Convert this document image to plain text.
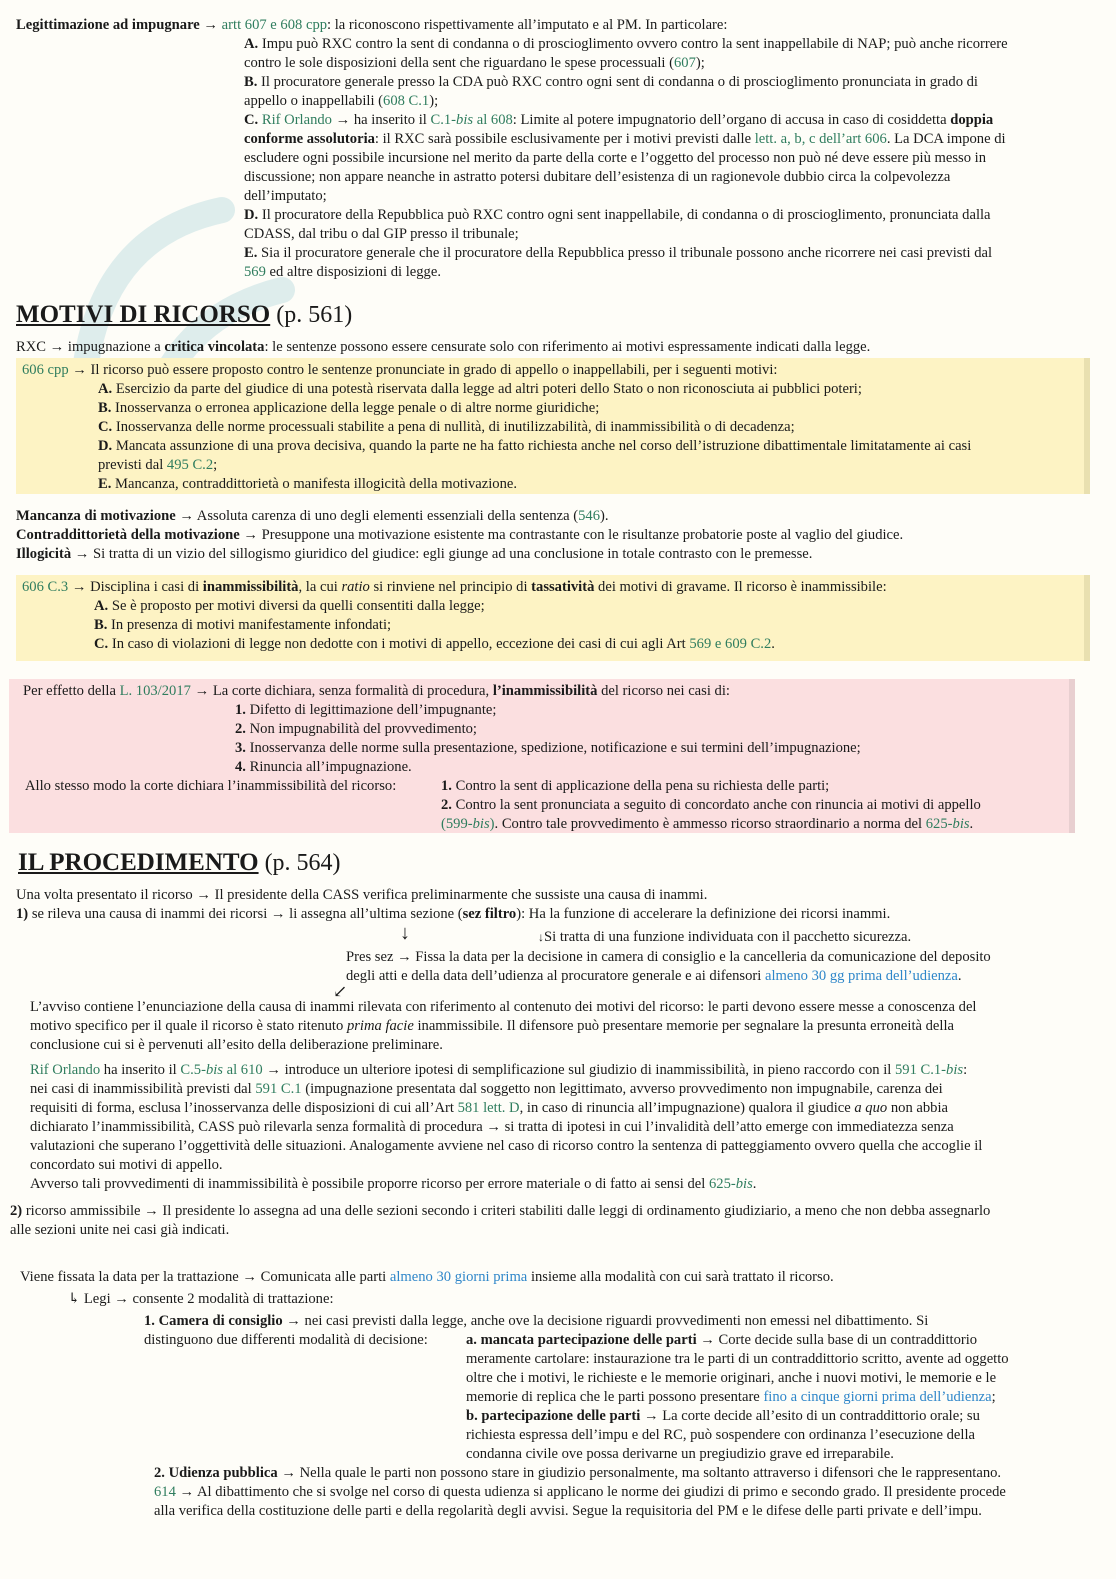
Legittimazione ad impugnare → artt 607 e 608 cpp: la riconoscono rispettivamente all’imputato e al PM. In particolare:
A. Impu può RXC contro la sent di condanna o di proscioglimento ovvero contro la sent inappellabile di NAP; può anche ricorrere
contro le sole disposizioni della sent che riguardano le spese processuali (607);
B. Il procuratore generale presso la CDA può RXC contro ogni sent di condanna o di proscioglimento pronunciata in grado di
appello o inappellabili (608 C.1);
C. Rif Orlando → ha inserito il C.1-bis al 608: Limite al potere impugnatorio dell’organo di accusa in caso di cosiddetta doppia
conforme assolutoria: il RXC sarà possibile esclusivamente per i motivi previsti dalle lett. a, b, c dell’art 606. La DCA impone di
escludere ogni possibile incursione nel merito da parte della corte e l’oggetto del processo non può né deve essere più messo in
discussione; non appare neanche in astratto potersi dubitare dell’esistenza di un ragionevole dubbio circa la colpevolezza
dell’imputato;
D. Il procuratore della Repubblica può RXC contro ogni sent inappellabile, di condanna o di proscioglimento, pronunciata dalla
CDASS, dal tribu o dal GIP presso il tribunale;
E. Sia il procuratore generale che il procuratore della Repubblica presso il tribunale possono anche ricorrere nei casi previsti dal
569 ed altre disposizioni di legge.
MOTIVI DI RICORSO (p. 561)
RXC → impugnazione a critica vincolata: le sentenze possono essere censurate solo con riferimento ai motivi espressamente indicati dalla legge.
606 cpp → Il ricorso può essere proposto contro le sentenze pronunciate in grado di appello o inappellabili, per i seguenti motivi:
A. Esercizio da parte del giudice di una potestà riservata dalla legge ad altri poteri dello Stato o non riconosciuta ai pubblici poteri;
B. Inosservanza o erronea applicazione della legge penale o di altre norme giuridiche;
C. Inosservanza delle norme processuali stabilite a pena di nullità, di inutilizzabilità, di inammissibilità o di decadenza;
D. Mancata assunzione di una prova decisiva, quando la parte ne ha fatto richiesta anche nel corso dell’istruzione dibattimentale limitatamente ai casi
previsti dal 495 C.2;
E. Mancanza, contraddittorietà o manifesta illogicità della motivazione.
Mancanza di motivazione → Assoluta carenza di uno degli elementi essenziali della sentenza (546).
Contraddittorietà della motivazione → Presuppone una motivazione esistente ma contrastante con le risultanze probatorie poste al vaglio del giudice.
Illogicità → Si tratta di un vizio del sillogismo giuridico del giudice: egli giunge ad una conclusione in totale contrasto con le premesse.
606 C.3 → Disciplina i casi di inammissibilità, la cui ratio si rinviene nel principio di tassatività dei motivi di gravame. Il ricorso è inammissibile:
A. Se è proposto per motivi diversi da quelli consentiti dalla legge;
B. In presenza di motivi manifestamente infondati;
C. In caso di violazioni di legge non dedotte con i motivi di appello, eccezione dei casi di cui agli Art 569 e 609 C.2.
Per effetto della L. 103/2017 → La corte dichiara, senza formalità di procedura, l’inammissibilità del ricorso nei casi di:
1. Difetto di legittimazione dell’impugnante;
2. Non impugnabilità del provvedimento;
3. Inosservanza delle norme sulla presentazione, spedizione, notificazione e sui termini dell’impugnazione;
4. Rinuncia all’impugnazione.
Allo stesso modo la corte dichiara l’inammissibilità del ricorso:	1. Contro la sent di applicazione della pena su richiesta delle parti;
2. Contro la sent pronunciata a seguito di concordato anche con rinuncia ai motivi di appello
(599-bis). Contro tale provvedimento è ammesso ricorso straordinario a norma del 625-bis.
IL PROCEDIMENTO (p. 564)
Una volta presentato il ricorso → Il presidente della CASS verifica preliminarmente che sussiste una causa di inammi.
1) se rileva una causa di inammi dei ricorsi → li assegna all’ultima sezione (sez filtro): Ha la funzione di accelerare la definizione dei ricorsi inammi.
↓	↓Si tratta di una funzione individuata con il pacchetto sicurezza.
Pres sez → Fissa la data per la decisione in camera di consiglio e la cancelleria da comunicazione del deposito
degli atti e della data dell’udienza al procuratore generale e ai difensori almeno 30 gg prima dell’udienza.
↙
L’avviso contiene l’enunciazione della causa di inammi rilevata con riferimento al contenuto dei motivi del ricorso: le parti devono essere messe a conoscenza del
motivo specifico per il quale il ricorso è stato ritenuto prima facie inammissibile. Il difensore può presentare memorie per segnalare la presunta erroneità della
conclusione cui si è pervenuti all’esito della deliberazione preliminare.
Rif Orlando ha inserito il C.5-bis al 610 → introduce un ulteriore ipotesi di semplificazione sul giudizio di inammissibilità, in pieno raccordo con il 591 C.1-bis:
nei casi di inammissibilità previsti dal 591 C.1 (impugnazione presentata dal soggetto non legittimato, avverso provvedimento non impugnabile, carenza dei
requisiti di forma, esclusa l’inosservanza delle disposizioni di cui all’Art 581 lett. D, in caso di rinuncia all’impugnazione) qualora il giudice a quo non abbia
dichiarato l’inammissibilità, CASS può rilevarla senza formalità di procedura → si tratta di ipotesi in cui l’invalidità dell’atto emerge con immediatezza senza
valutazioni che superano l’oggettività delle situazioni. Analogamente avviene nel caso di ricorso contro la sentenza di patteggiamento ovvero quella che accoglie il
concordato sui motivi di appello.
Avverso tali provvedimenti di inammissibilità è possibile proporre ricorso per errore materiale o di fatto ai sensi del 625-bis.
2) ricorso ammissibile → Il presidente lo assegna ad una delle sezioni secondo i criteri stabiliti dalle leggi di ordinamento giudiziario, a meno che non debba assegnarlo
alle sezioni unite nei casi già indicati.
Viene fissata la data per la trattazione → Comunicata alle parti almeno 30 giorni prima insieme alla modalità con cui sarà trattato il ricorso.
↳ Legi → consente 2 modalità di trattazione:
1. Camera di consiglio → nei casi previsti dalla legge, anche ove la decisione riguardi provvedimenti non emessi nel dibattimento. Si
distinguono due differenti modalità di decisione:	a. mancata partecipazione delle parti → Corte decide sulla base di un contraddittorio
meramente cartolare: instaurazione tra le parti di un contraddittorio scritto, avente ad oggetto
oltre che i motivi, le richieste e le memorie originari, anche i nuovi motivi, le memorie e le
memorie di replica che le parti possono presentare fino a cinque giorni prima dell’udienza;
b. partecipazione delle parti → La corte decide all’esito di un contraddittorio orale; su
richiesta espressa dell’impu e del RC, può sospendere con ordinanza l’esecuzione della
condanna civile ove possa derivarne un pregiudizio grave ed irreparabile.
2. Udienza pubblica → Nella quale le parti non possono stare in giudizio personalmente, ma soltanto attraverso i difensori che le rappresentano.
614 → Al dibattimento che si svolge nel corso di questa udienza si applicano le norme dei giudizi di primo e secondo grado. Il presidente procede
alla verifica della costituzione delle parti e della regolarità degli avvisi. Segue la requisitoria del PM e le difese delle parti private e dell’impu.
